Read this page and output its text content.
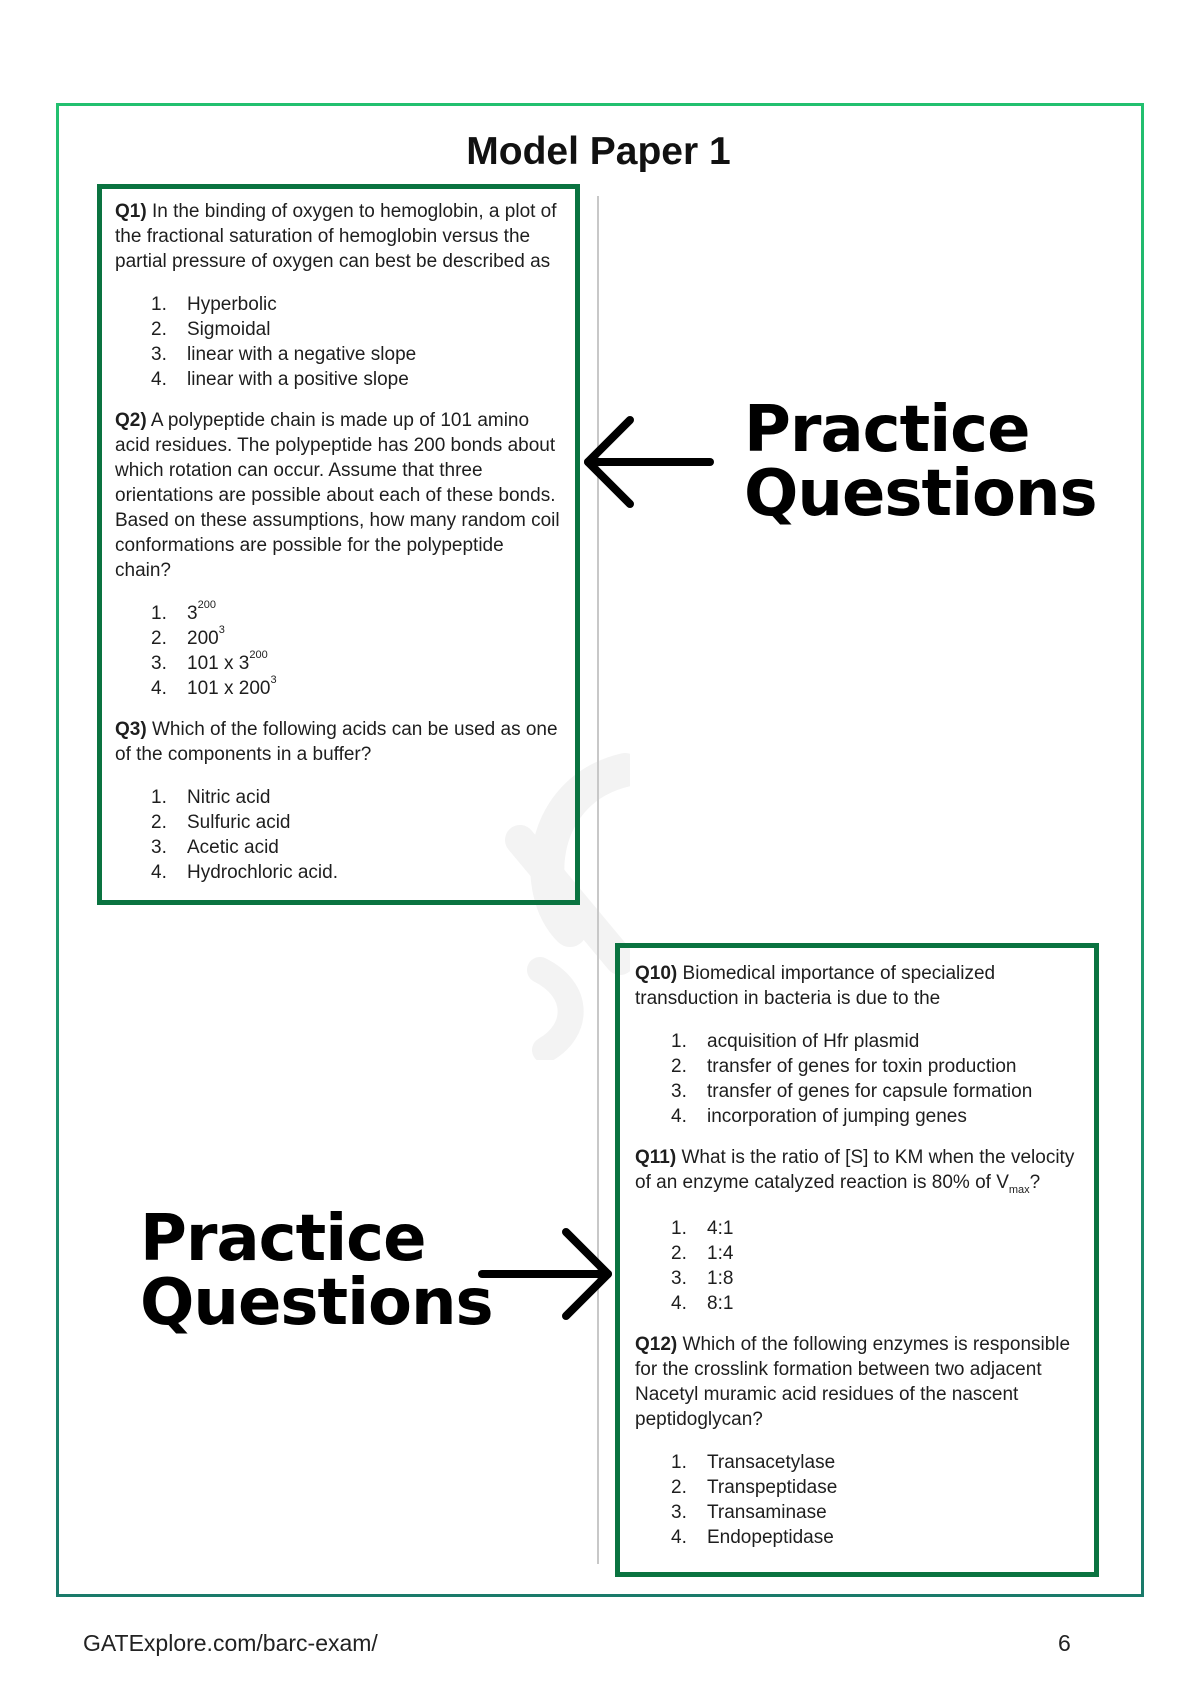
Model Paper 1

Q1) In the binding of oxygen to hemoglobin, a plot of the fractional saturation of hemoglobin versus the partial pressure of oxygen can best be described as

1.	Hyperbolic
2.	Sigmoidal
3.	linear with a negative slope
4.	linear with a positive slope

Q2) A polypeptide chain is made up of 101 amino acid residues. The polypeptide has 200 bonds about which rotation can occur. Assume that three orientations are possible about each of these bonds. Based on these assumptions, how many random coil conformations are possible for the polypeptide chain?

1.	$3^{200}$
2.	$200^3$
3.	101 x $3^{200}$
4.	101 x $200^3$

Q3) Which of the following acids can be used as one of the components in a buffer?

1.	Nitric acid
2.	Sulfuric acid
3.	Acetic acid
4.	Hydrochloric acid.
Practice
Questions
Practice
Questions

Q10) Biomedical importance of specialized transduction in bacteria is due to the

1.	acquisition of Hfr plasmid
2.	transfer of genes for toxin production
3.	transfer of genes for capsule formation
4.	incorporation of jumping genes

Q11) What is the ratio of [S] to KM when the velocity of an enzyme catalyzed reaction is 80% of $V_{max}$?

1.	4:1
2.	1:4
3.	1:8
4.	8:1

Q12) Which of the following enzymes is responsible for the crosslink formation between two adjacent Nacetyl muramic acid residues of the nascent peptidoglycan?

1.	Transacetylase
2.	Transpeptidase
3.	Transaminase
4.	Endopeptidase
GATExplore.com/barc-exam/	6
